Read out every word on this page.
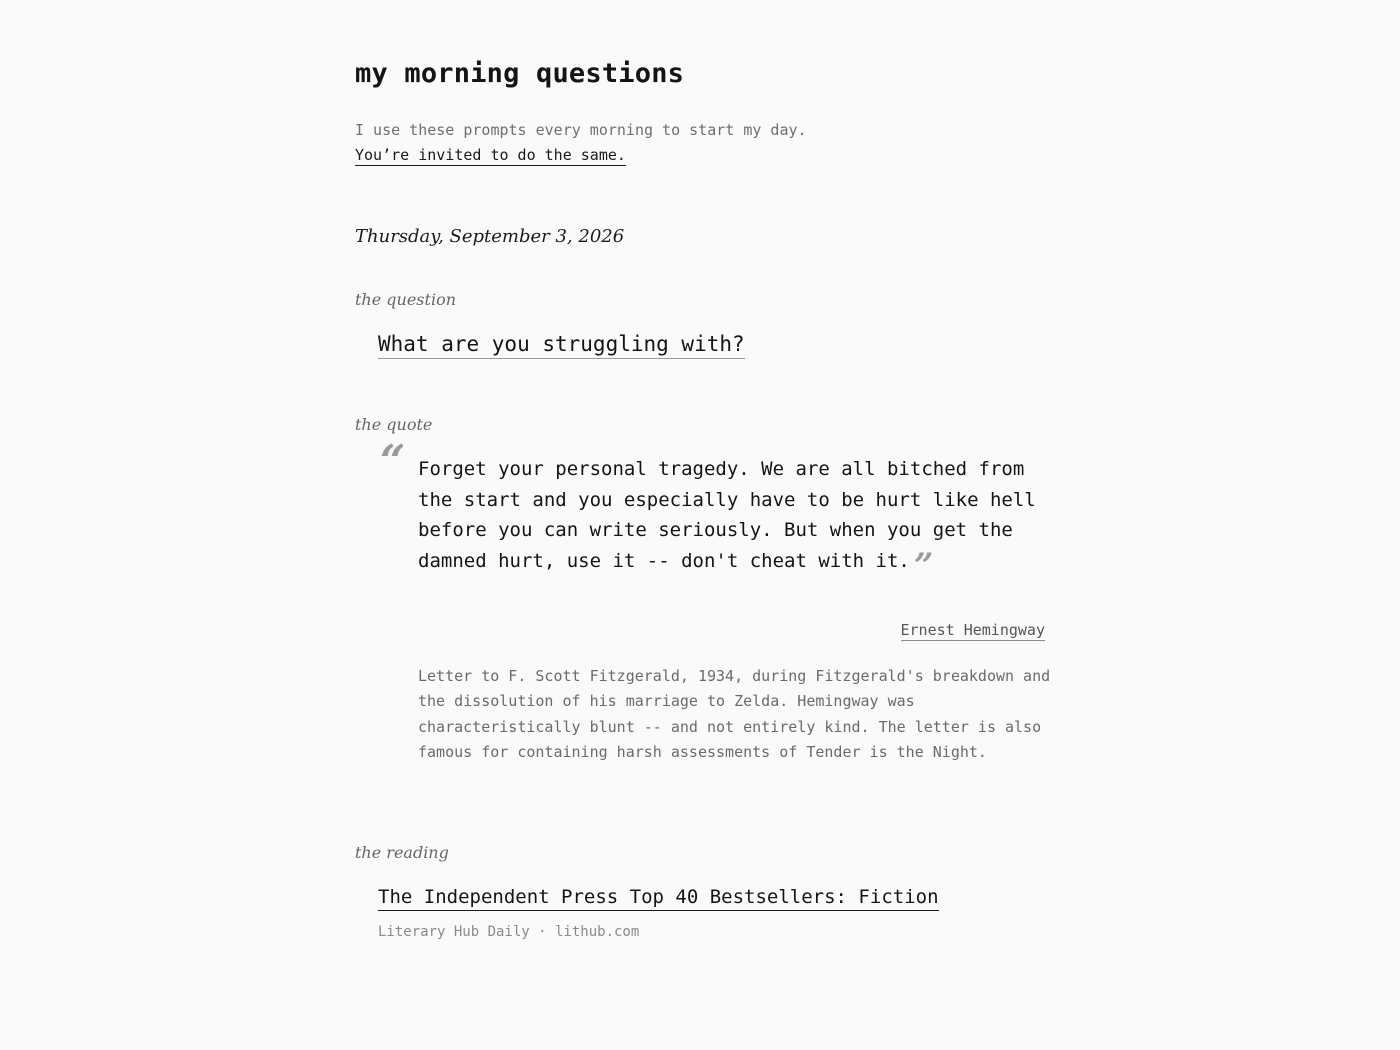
my morning questions
I use these prompts every morning to start my day.
You’re invited to do the same.
Thursday, September 3, 2026
the question
What are you struggling with?
the quote
“ Forget your personal tragedy. We are all bitched from the start and you especially have to be hurt like hell before you can write seriously. But when you get the damned hurt, use it -- don't cheat with it. ”
Ernest Hemingway
Letter to F. Scott Fitzgerald, 1934, during Fitzgerald's breakdown and the dissolution of his marriage to Zelda. Hemingway was characteristically blunt -- and not entirely kind. The letter is also famous for containing harsh assessments of Tender is the Night.
the reading
The Independent Press Top 40 Bestsellers: Fiction
Literary Hub Daily · lithub.com
